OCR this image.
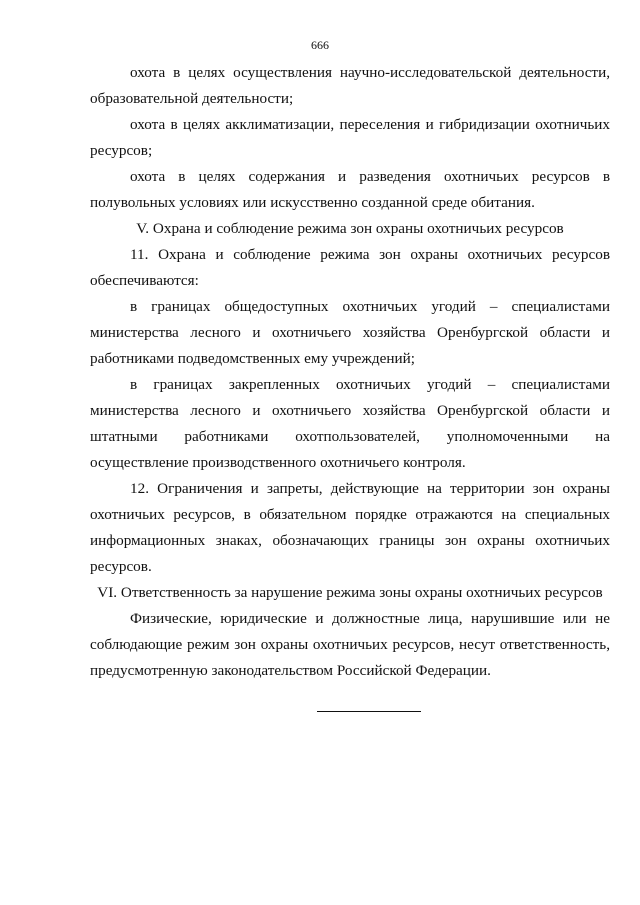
666

охота в целях осуществления научно-исследовательской деятельности, образовательной деятельности;

охота в целях акклиматизации, переселения и гибридизации охотничьих ресурсов;

охота в целях содержания и разведения охотничьих ресурсов в полувольных условиях или искусственно созданной среде обитания.

V. Охрана и соблюдение режима зон охраны охотничьих ресурсов

11. Охрана и соблюдение режима зон охраны охотничьих ресурсов обеспечиваются:

в границах общедоступных охотничьих угодий – специалистами министерства лесного и охотничьего хозяйства Оренбургской области и работниками подведомственных ему учреждений;

в границах закрепленных охотничьих угодий – специалистами министерства лесного и охотничьего хозяйства Оренбургской области и штатными работниками охотпользователей, уполномоченными на осуществление производственного охотничьего контроля.

12. Ограничения и запреты, действующие на территории зон охраны охотничьих ресурсов, в обязательном порядке отражаются на специальных информационных знаках, обозначающих границы зон охраны охотничьих ресурсов.

VI. Ответственность за нарушение режима зоны охраны охотничьих ресурсов

Физические, юридические и должностные лица, нарушившие или не соблюдающие режим зон охраны охотничьих ресурсов, несут ответственность, предусмотренную законодательством Российской Федерации.
